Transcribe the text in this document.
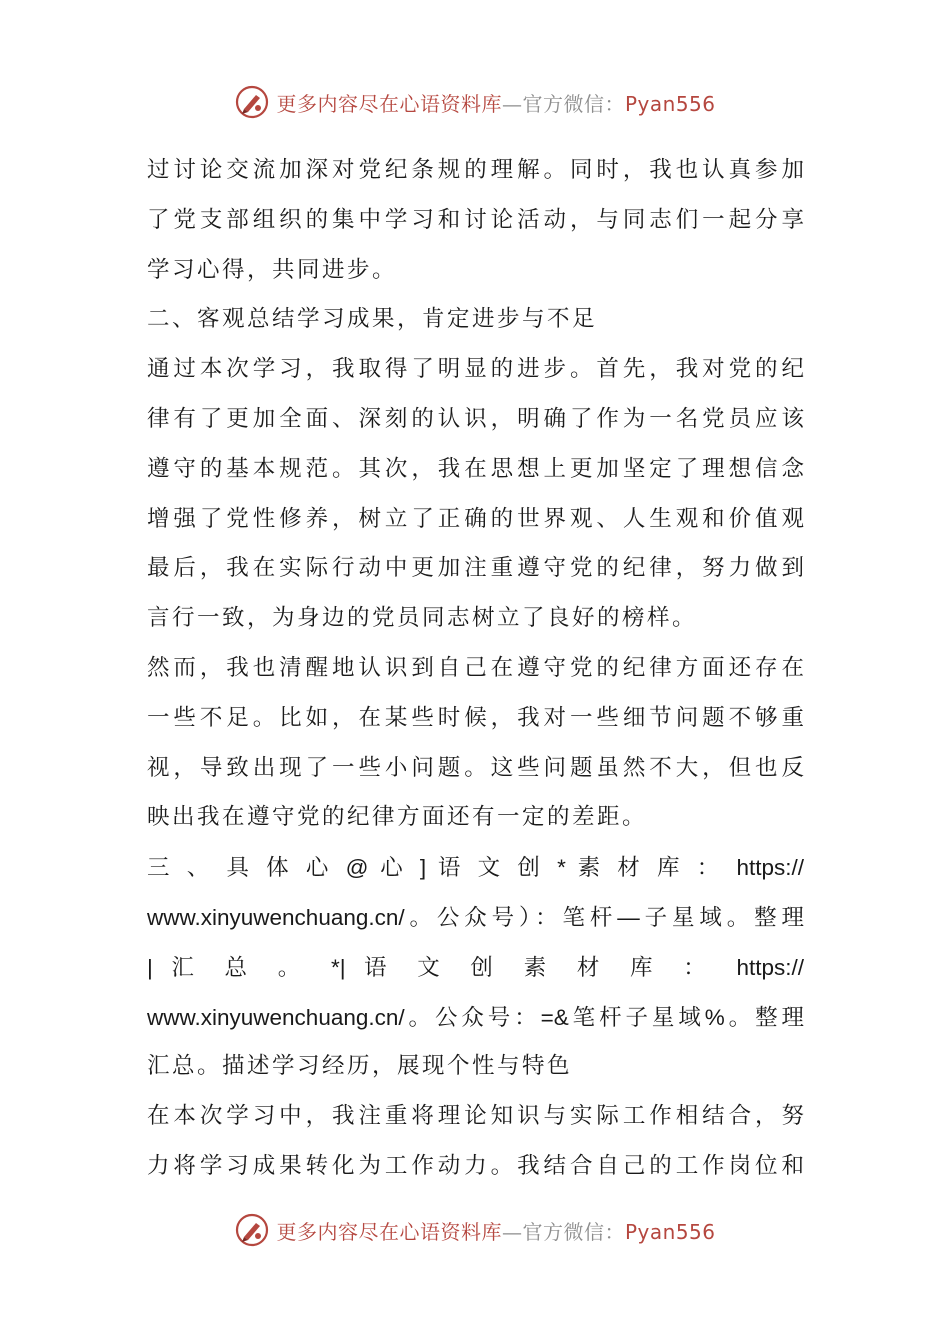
更多内容尽在心语资料库—官方微信：Pyan556
过讨论交流加深对党纪条规的理解。同时，我也认真参加
了党支部组织的集中学习和讨论活动，与同志们一起分享
学习心得，共同进步。
二、客观总结学习成果，肯定进步与不足
通过本次学习，我取得了明显的进步。首先，我对党的纪
律有了更加全面、深刻的认识，明确了作为一名党员应该
遵守的基本规范。其次，我在思想上更加坚定了理想信念
增强了党性修养，树立了正确的世界观、人生观和价值观
最后，我在实际行动中更加注重遵守党的纪律，努力做到
言行一致，为身边的党员同志树立了良好的榜样。
然而，我也清醒地认识到自己在遵守党的纪律方面还存在
一些不足。比如，在某些时候，我对一些细节问题不够重
视，导致出现了一些小问题。这些问题虽然不大，但也反
映出我在遵守党的纪律方面还有一定的差距。
三 、 具 体 心 @ 心 ] 语 文 创 * 素 材 库 ： https://
www.xinyuwenchuang.cn/。公众号）：笔杆—子星域。整理
| 汇 总 。 *| 语 文 创 素 材 库 ： https://
www.xinyuwenchuang.cn/。公众号：=&笔杆子星域%。整理
汇总。描述学习经历，展现个性与特色
在本次学习中，我注重将理论知识与实际工作相结合，努
力将学习成果转化为工作动力。我结合自己的工作岗位和
更多内容尽在心语资料库—官方微信：Pyan556
